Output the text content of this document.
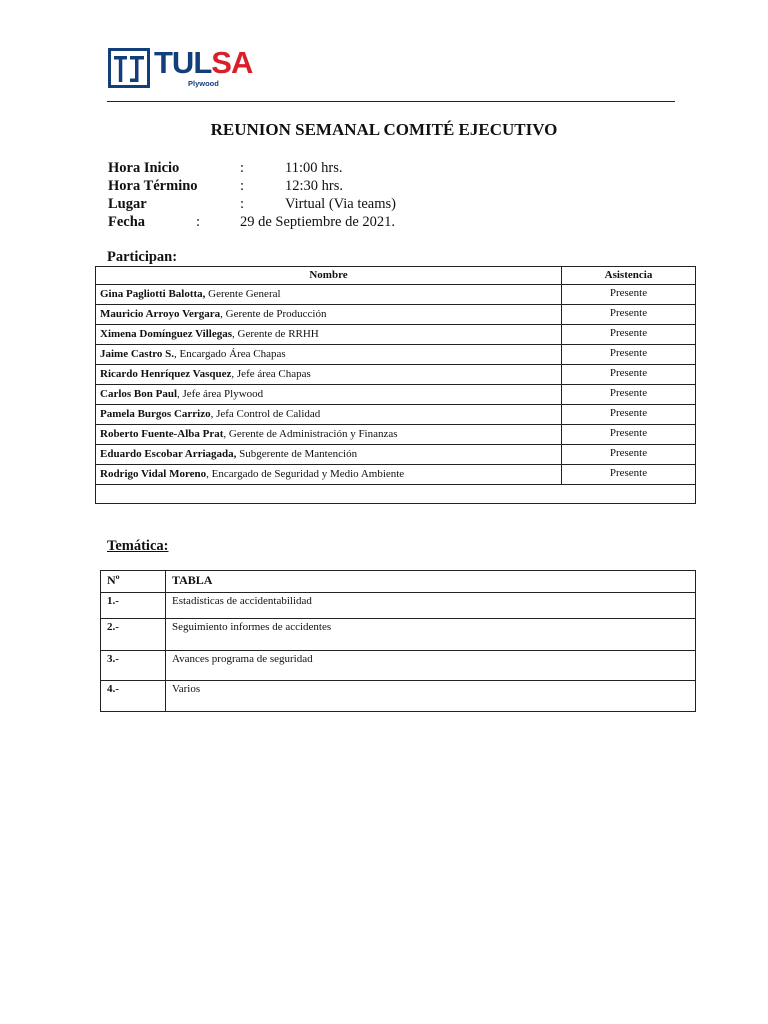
TULSA
Plywood
REUNION SEMANAL COMITÉ EJECUTIVO
Hora Inicio	:	11:00 hrs.
Hora Término	:	12:30 hrs.
Lugar	:	Virtual (Via teams)
Fecha	:	29 de Septiembre de 2021.
Participan:
Nombre	Asistencia
Gina Pagliotti Balotta, Gerente General	Presente
Mauricio Arroyo Vergara, Gerente de Producción	Presente
Ximena Domínguez Villegas, Gerente de RRHH	Presente
Jaime Castro S., Encargado Área Chapas	Presente
Ricardo Henríquez Vasquez, Jefe área Chapas	Presente
Carlos Bon Paul, Jefe área Plywood	Presente
Pamela Burgos Carrizo, Jefa Control de Calidad	Presente
Roberto Fuente-Alba Prat, Gerente de Administración y Finanzas	Presente
Eduardo Escobar Arriagada, Subgerente de Mantención	Presente
Rodrigo Vidal Moreno, Encargado de Seguridad y Medio Ambiente	Presente

Temática:
Nº	TABLA
1.-	Estadísticas de accidentabilidad
2.-	Seguimiento informes de accidentes
3.-	Avances programa de seguridad
4.-	Varios
